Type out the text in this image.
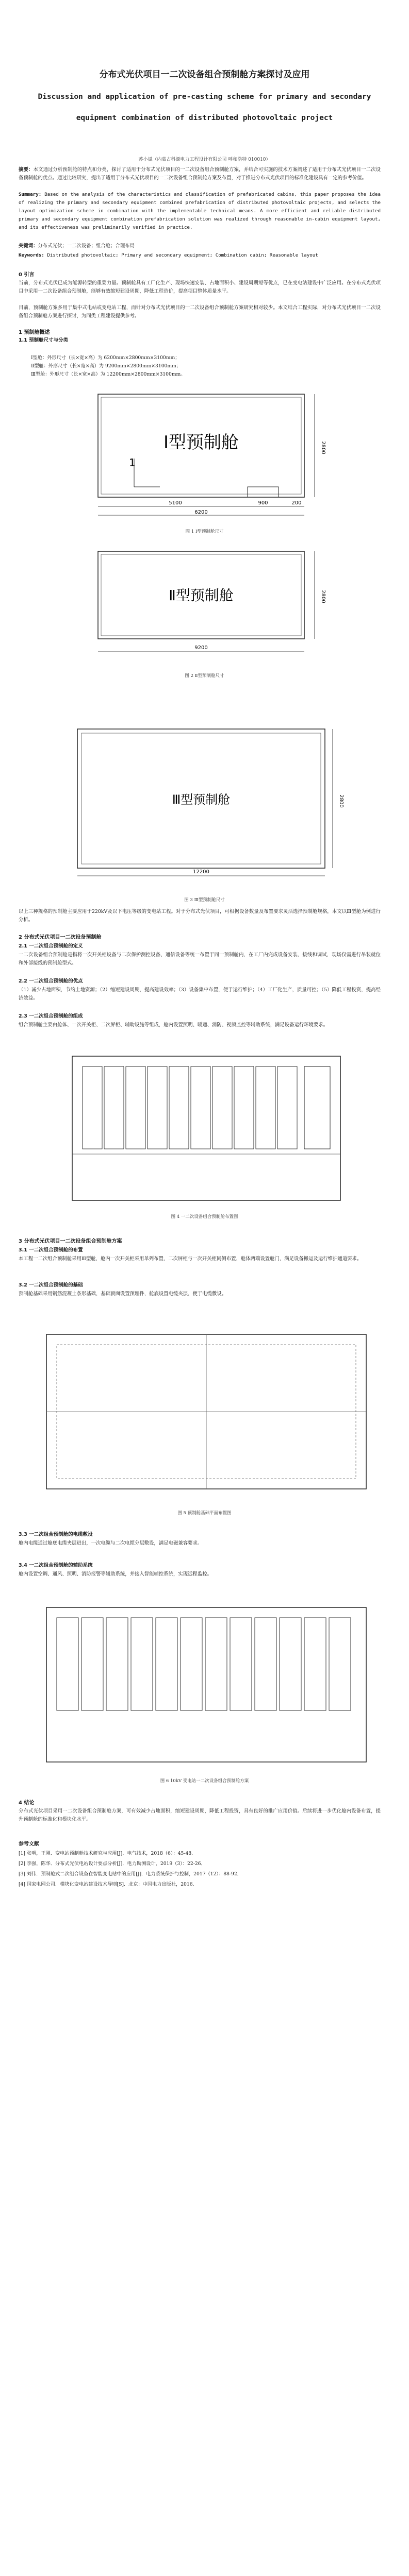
分布式光伏项目一二次设备组合预制舱方案探讨及应用
Discussion and application of pre-casting scheme for primary and secondary equipment combination of distributed photovoltaic project
苏小斌（内蒙古科源电力工程设计有限公司 呼和浩特 010010）

摘要：本文通过分析预制舱的特点和分类，探讨了适用于分布式光伏项目的一二次设备组合预制舱方案，并结合可实施的技术方案阐述了适用于分布式光伏项目一二次设备预制舱的优点。通过比较研究，提出了适用于分布式光伏项目的一二次设备组合预制舱方案及布置，对于推进分布式光伏项目的标准化建设具有一定的参考价值。

Summary: Based on the analysis of the characteristics and classification of prefabricated cabins, this paper proposes the idea of realizing the primary and secondary equipment combined prefabrication of distributed photovoltaic projects, and selects the layout optimization scheme in combination with the implementable technical means. A more efficient and reliable distributed primary and secondary equipment combination prefabrication solution was realized through reasonable in-cabin equipment layout, and its effectiveness was preliminarily verified in practice.

关键词：分布式光伏；一二次设备；组合舱；合理布局

Keywords: Distributed photovoltaic; Primary and secondary equipment; Combination cabin; Reasonable layout

0 引言

当前，分布式光伏已成为能源转型的重要力量。预制舱具有工厂化生产、现场快速安装、占地面积小、建设周期短等优点，已在变电站建设中广泛应用。在分布式光伏项目中采用一二次设备组合预制舱，能够有效缩短建设周期，降低工程造价，提高项目整体质量水平。

目前，预制舱方案多用于集中式电站或变电站工程，而针对分布式光伏项目的一二次设备组合预制舱方案研究相对较少。本文结合工程实际，对分布式光伏项目一二次设备组合预制舱方案进行探讨，为同类工程建设提供参考。

1 预制舱概述
1.1 预制舱尺寸与分类

Ⅰ型舱：外形尺寸（长×宽×高）为 6200mm×2800mm×3100mm；
Ⅱ型舱：外形尺寸（长×宽×高）为 9200mm×2800mm×3100mm；
Ⅲ型舱：外形尺寸（长×宽×高）为 12200mm×2800mm×3100mm。
1
Ⅰ型预制舱	2800
5100	900	200
6200
图 1 Ⅰ型预制舱尺寸
Ⅱ型预制舱	2800
9200
图 2 Ⅱ型预制舱尺寸
Ⅲ型预制舱	2800
12200
图 3 Ⅲ型预制舱尺寸

以上三种规格的预制舱主要应用于220kV及以下电压等级的变电站工程。对于分布式光伏项目，可根据设备数量及布置要求灵活选择预制舱规格，本文以Ⅲ型舱为例进行分析。

2 分布式光伏项目一二次设备预制舱
2.1 一二次组合预制舱的定义

一二次设备组合预制舱是指将一次开关柜设备与二次保护测控设备、通信设备等统一布置于同一预制舱内，在工厂内完成设备安装、接线和调试，现场仅需进行吊装就位和外部接线的预制舱型式。

2.2 一二次组合预制舱的优点

（1）减少占地面积，节约土地资源；（2）缩短建设周期，提高建设效率；（3）设备集中布置，便于运行维护；（4）工厂化生产，质量可控；（5）降低工程投资，提高经济效益。

2.3 一二次组合预制舱的组成

组合预制舱主要由舱体、一次开关柜、二次屏柜、辅助设施等组成，舱内设置照明、暖通、消防、视频监控等辅助系统，满足设备运行环境要求。

图 4 一二次设备组合预制舱布置图
3 分布式光伏项目一二次设备组合预制舱方案
3.1 一二次组合预制舱的布置

本工程一二次组合预制舱采用Ⅲ型舱，舱内一次开关柜采用单列布置，二次屏柜与一次开关柜同侧布置，舱体两端设置舱门，满足设备搬运及运行维护通道要求。

3.2 一二次组合预制舱的基础

预制舱基础采用钢筋混凝土条形基础，基础顶面设置预埋件，舱底设置电缆夹层，便于电缆敷设。

图 5 预制舱基础平面布置图
3.3 一二次组合预制舱的电缆敷设

舱内电缆通过舱底电缆夹层进出，一次电缆与二次电缆分层敷设，满足电磁兼容要求。

3.4 一二次组合预制舱的辅助系统

舱内设置空调、通风、照明、消防报警等辅助系统，并接入智能辅控系统，实现远程监控。

图 6 10kV 变电站一二次设备组合预制舱方案
4 结论

分布式光伏项目采用一二次设备组合预制舱方案，可有效减少占地面积，缩短建设周期，降低工程投资，具有良好的推广应用价值。后续将进一步优化舱内设备布置，提升预制舱的标准化和模块化水平。

参考文献
[1] 张明，王刚．变电站预制舱技术研究与应用[J]．电气技术，2018（6）：45-48．
[2] 李强，陈华．分布式光伏电站设计要点分析[J]．电力勘测设计，2019（3）：22-26．
[3] 刘伟．预制舱式二次组合设备在智能变电站中的应用[J]．电力系统保护与控制，2017（12）：88-92．
[4] 国家电网公司．模块化变电站建设技术导则[S]．北京：中国电力出版社，2016．
